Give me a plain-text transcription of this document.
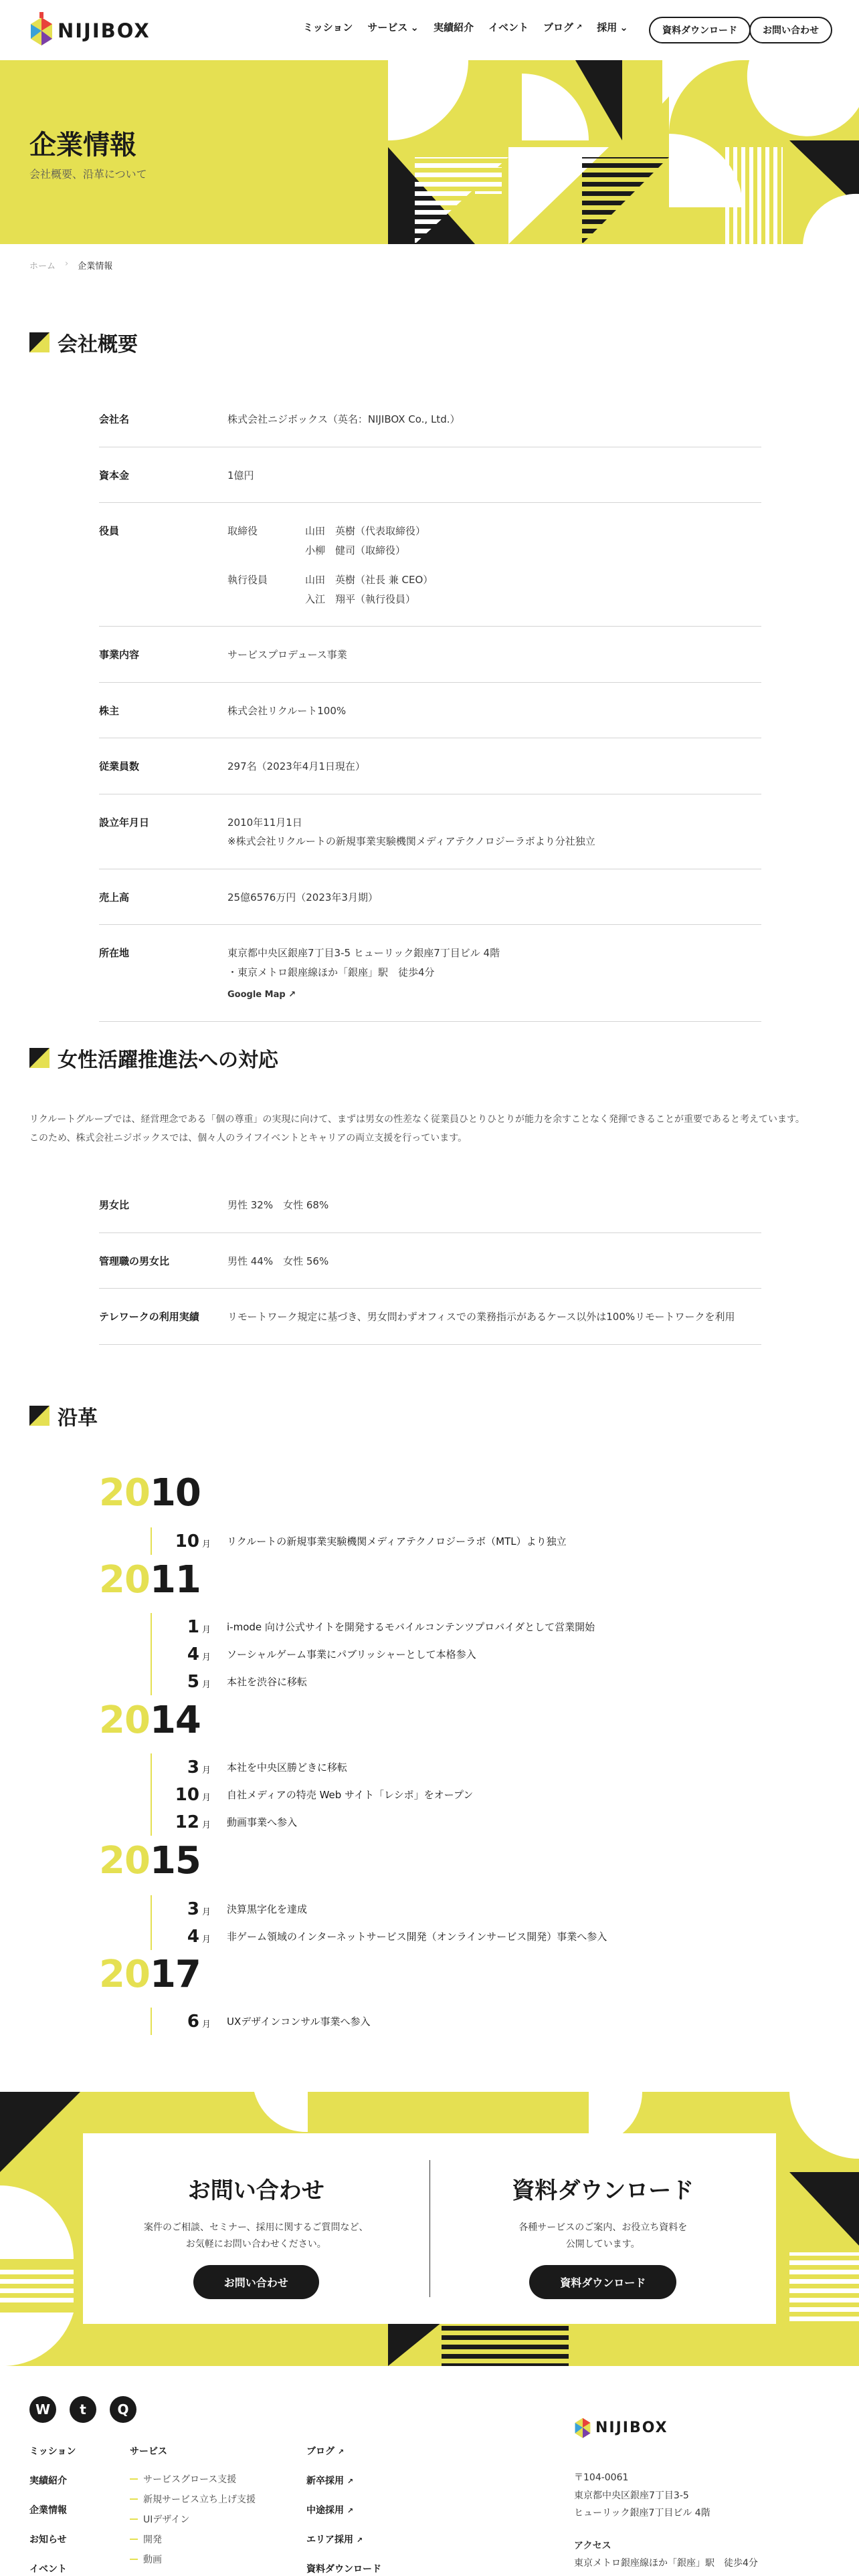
NIJIBOX	ミッション サービス ⌄ 実績紹介 イベント ブログ ↗ 採用 ⌄	資料ダウンロード	お問い合わせ
企業情報
会社概要、沿革について
ホーム › 企業情報
会社概要
会社名	株式会社ニジボックス（英名：NIJIBOX Co., Ltd.）
資本金	1億円
役員	取締役	山田　英樹（代表取締役）
小柳　健司（取締役）
執行役員	山田　英樹（社長 兼 CEO）
入江　翔平（執行役員）
事業内容	サービスプロデュース事業
株主	株式会社リクルート100%
従業員数	297名（2023年4月1日現在）
設立年月日	2010年11月1日
※株式会社リクルートの新規事業実験機関メディアテクノロジーラボより分社独立
売上高	25億6576万円（2023年3月期）
所在地	東京都中央区銀座7丁目3-5 ヒューリック銀座7丁目ビル 4階
・東京メトロ銀座線ほか「銀座」駅　徒歩4分
Google Map ↗
女性活躍推進法への対応
リクルートグループでは、経営理念である「個の尊重」の実現に向けて、まずは男女の性差なく従業員ひとりひとりが能力を余すことなく発揮できることが重要であると考えています。
このため、株式会社ニジボックスでは、個々人のライフイベントとキャリアの両立支援を行っています。
男女比	男性 32%　女性 68%
管理職の男女比	男性 44%　女性 56%
テレワークの利用実績	リモートワーク規定に基づき、男女問わずオフィスでの業務指示があるケース以外は100%リモートワークを利用
沿革
2010
10 月	リクルートの新規事業実験機関メディアテクノロジーラボ（MTL）より独立
2011
1 月	i-mode 向け公式サイトを開発するモバイルコンテンツプロバイダとして営業開始
4 月	ソーシャルゲーム事業にパブリッシャーとして本格参入
5 月	本社を渋谷に移転
2014
3 月	本社を中央区勝どきに移転
10 月	自社メディアの特売 Web サイト「レシポ」をオープン
12 月	動画事業へ参入
2015
3 月	決算黒字化を達成
4 月	非ゲーム領域のインターネットサービス開発（オンラインサービス開発）事業へ参入
2017
6 月	UXデザインコンサル事業へ参入
お問い合わせ

案件のご相談、セミナー、採用に関するご質問など、
お気軽にお問い合わせください。

お問い合わせ
資料ダウンロード

各種サービスのご案内、お役立ち資料を
公開しています。

資料ダウンロード
W	t	Q
ミッション
実績紹介
企業情報
お知らせ
イベント
サービス
サービスグロース支援
新規サービス立ち上げ支援
UIデザイン
開発
動画
ブログ ↗
新卒採用 ↗
中途採用 ↗
エリア採用 ↗
資料ダウンロード
NIJIBOX
〒104-0061
東京都中央区銀座7丁目3-5
ヒューリック銀座7丁目ビル 4階
アクセス
東京メトロ銀座線ほか「銀座」駅　徒歩4分
